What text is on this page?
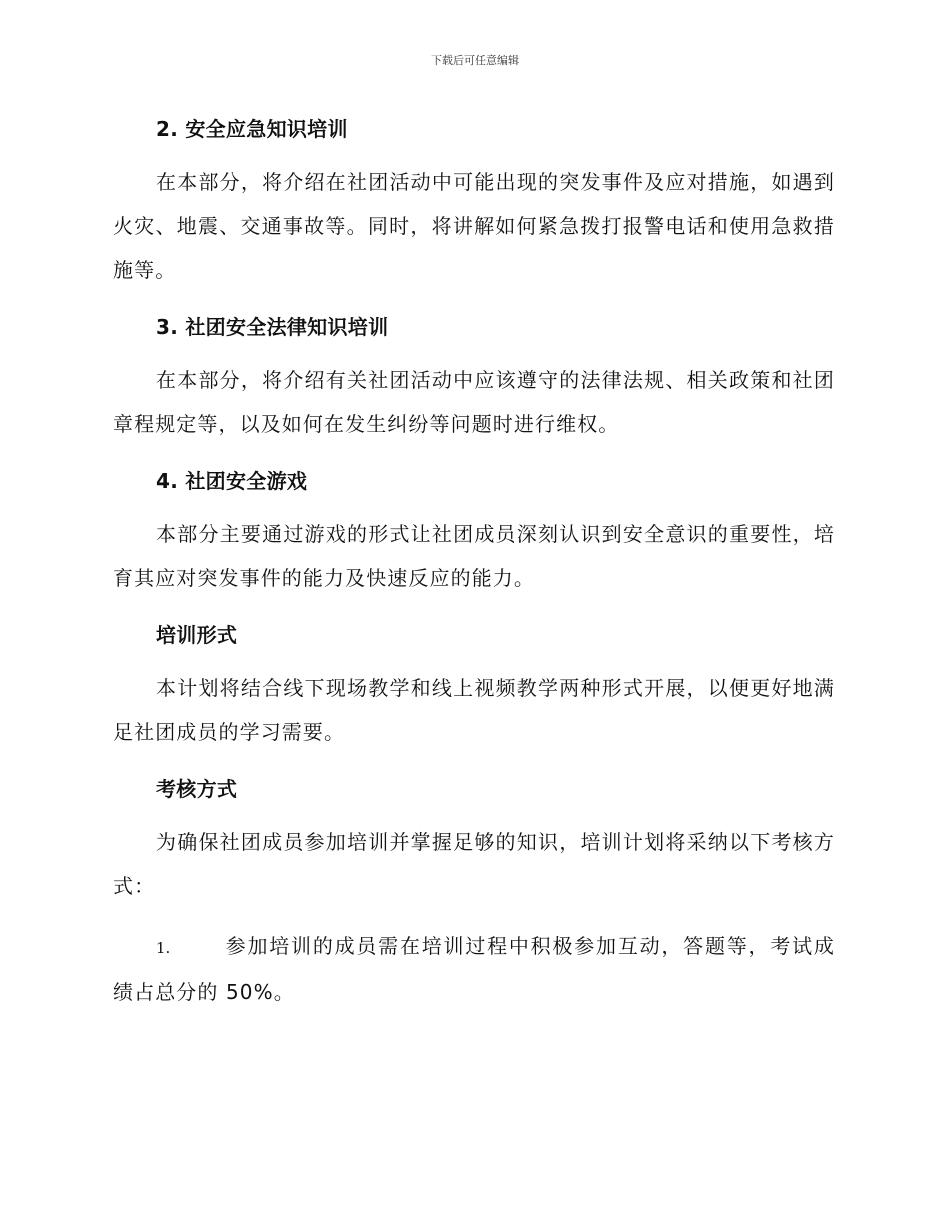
下载后可任意编辑
2. 安全应急知识培训

在本部分，将介绍在社团活动中可能出现的突发事件及应对措施，如遇到火灾、地震、交通事故等。同时，将讲解如何紧急拨打报警电话和使用急救措施等。

3. 社团安全法律知识培训

在本部分，将介绍有关社团活动中应该遵守的法律法规、相关政策和社团章程规定等，以及如何在发生纠纷等问题时进行维权。

4. 社团安全游戏

本部分主要通过游戏的形式让社团成员深刻认识到安全意识的重要性，培育其应对突发事件的能力及快速反应的能力。

培训形式

本计划将结合线下现场教学和线上视频教学两种形式开展，以便更好地满足社团成员的学习需要。

考核方式

为确保社团成员参加培训并掌握足够的知识，培训计划将采纳以下考核方式：

1.	参加培训的成员需在培训过程中积极参加互动，答题等，考试成绩占总分的 50%。
